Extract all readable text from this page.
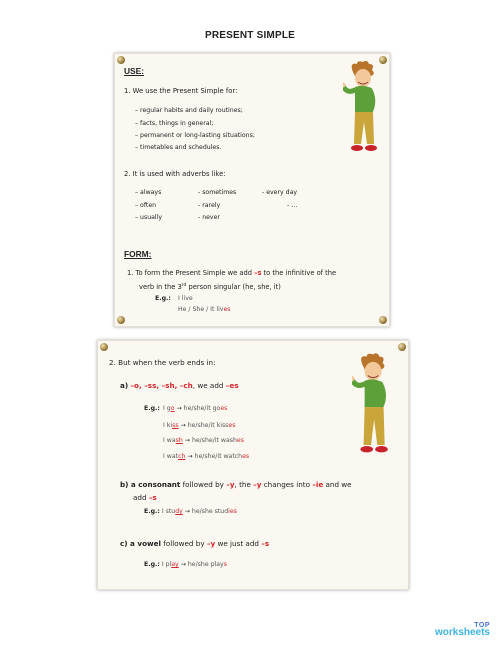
PRESENT SIMPLE
USE:
1. We use the Present Simple for:
– regular habits and daily routines;
– facts, things in general;
– permanent or long-lasting situations;
– timetables and schedules.
2. It is used with adverbs like:
– always
– often
– usually
- sometimes
- rarely
- never
- every day
- …
FORM:
1. To form the Present Simple we add –s to the infinitive of the
verb in the 3rd person singular (he, she, it)
E.g.: I live
He / She / It lives
2. But when the verb ends in:
a) –o, –ss, –sh, –ch, we add –es
E.g.: I go → he/she/it goes
I kiss → he/she/it kisses
I wash → he/she/it washes
I watch → he/she/it watches
b) a consonant followed by –y, the –y changes into –ie and we
add –s
E.g.: I study → he/she studies
c) a vowel followed by –y we just add –s
E.g.: I play → he/she plays
TOP
worksheets
